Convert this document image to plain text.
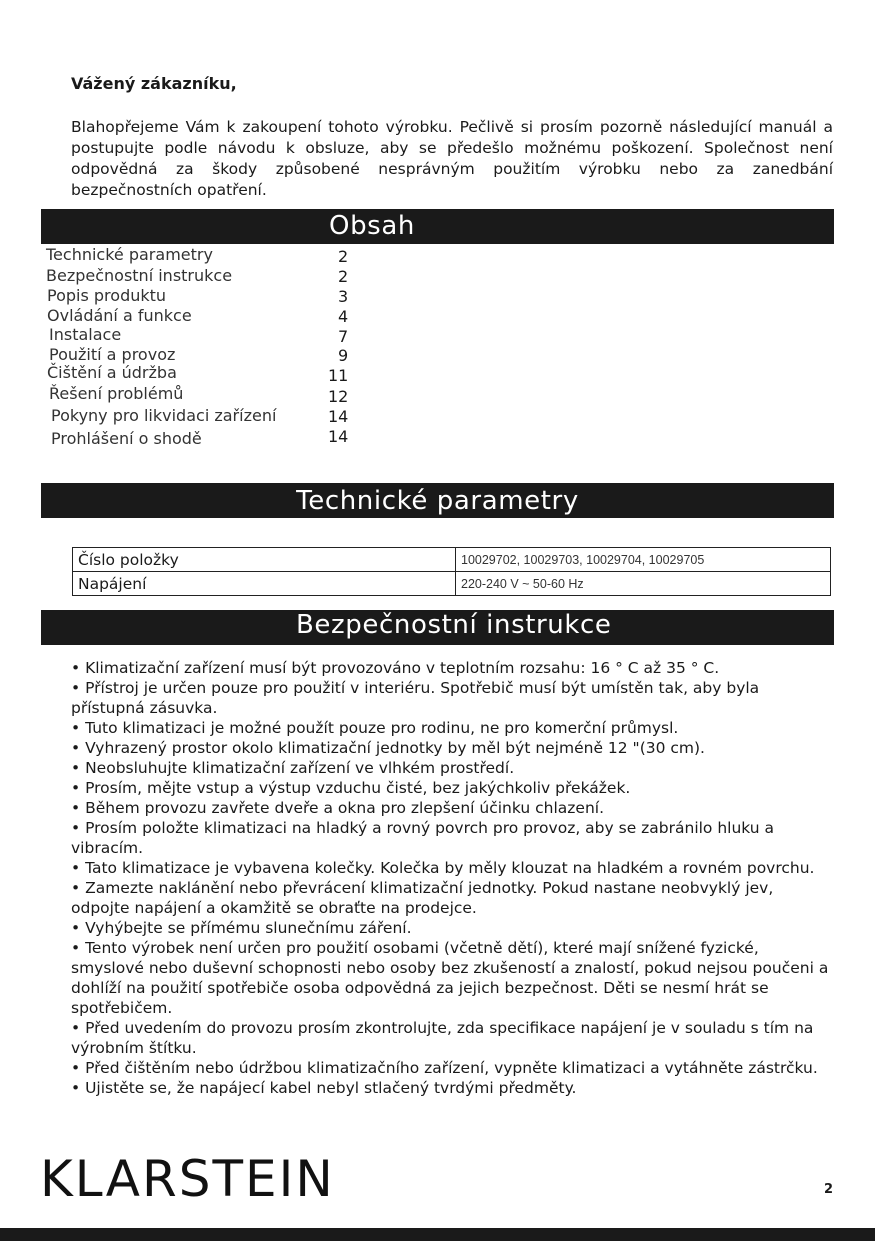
Vážený zákazníku,

Blahopřejeme Vám k zakoupení tohoto výrobku. Pečlivě si prosím pozorně následující manuál a postupujte podle návodu k obsluze, aby se předešlo možnému poškození. Společnost není odpovědná za škody způsobené nesprávným použitím výrobku nebo za zanedbání bezpečnostních opatření.

Obsah
Technické parametry	2
Bezpečnostní instrukce	2
Popis produktu	3
Ovládání a funkce	4
Instalace	7
Použití a provoz	9
Čištění a údržba	11
Řešení problémů	12
Pokyny pro likvidaci zařízení	14
Prohlášení o shodě	14
Technické parametry
Číslo položky	10029702, 10029703, 10029704, 10029705
Napájení	220-240 V ~ 50-60 Hz
Bezpečnostní instrukce
• Klimatizační zařízení musí být provozováno v teplotním rozsahu: 16 ° C až 35 ° C.
• Přístroj je určen pouze pro použití v interiéru. Spotřebič musí být umístěn tak, aby byla přístupná zásuvka.
• Tuto klimatizaci je možné použít pouze pro rodinu, ne pro komerční průmysl.
• Vyhrazený prostor okolo klimatizační jednotky by měl být nejméně 12 "(30 cm).
• Neobsluhujte klimatizační zařízení ve vlhkém prostředí.
• Prosím, mějte vstup a výstup vzduchu čisté, bez jakýchkoliv překážek.
• Během provozu zavřete dveře a okna pro zlepšení účinku chlazení.
• Prosím položte klimatizaci na hladký a rovný povrch pro provoz, aby se zabránilo hluku a vibracím.
• Tato klimatizace je vybavena kolečky. Kolečka by měly klouzat na hladkém a rovném povrchu.
• Zamezte naklánění nebo převrácení klimatizační jednotky. Pokud nastane neobvyklý jev, odpojte napájení a okamžitě se obraťte na prodejce.
• Vyhýbejte se přímému slunečnímu záření.
• Tento výrobek není určen pro použití osobami (včetně dětí), které mají snížené fyzické, smyslové nebo duševní schopnosti nebo osoby bez zkušeností a znalostí, pokud nejsou poučeni a dohlíží na použití spotřebiče osoba odpovědná za jejich bezpečnost. Děti se nesmí hrát se spotřebičem.
• Před uvedením do provozu prosím zkontrolujte, zda specifikace napájení je v souladu s tím na výrobním štítku.
• Před čištěním nebo údržbou klimatizačního zařízení, vypněte klimatizaci a vytáhněte zástrčku.
• Ujistěte se, že napájecí kabel nebyl stlačený tvrdými předměty.
KLARSTEIN	2
